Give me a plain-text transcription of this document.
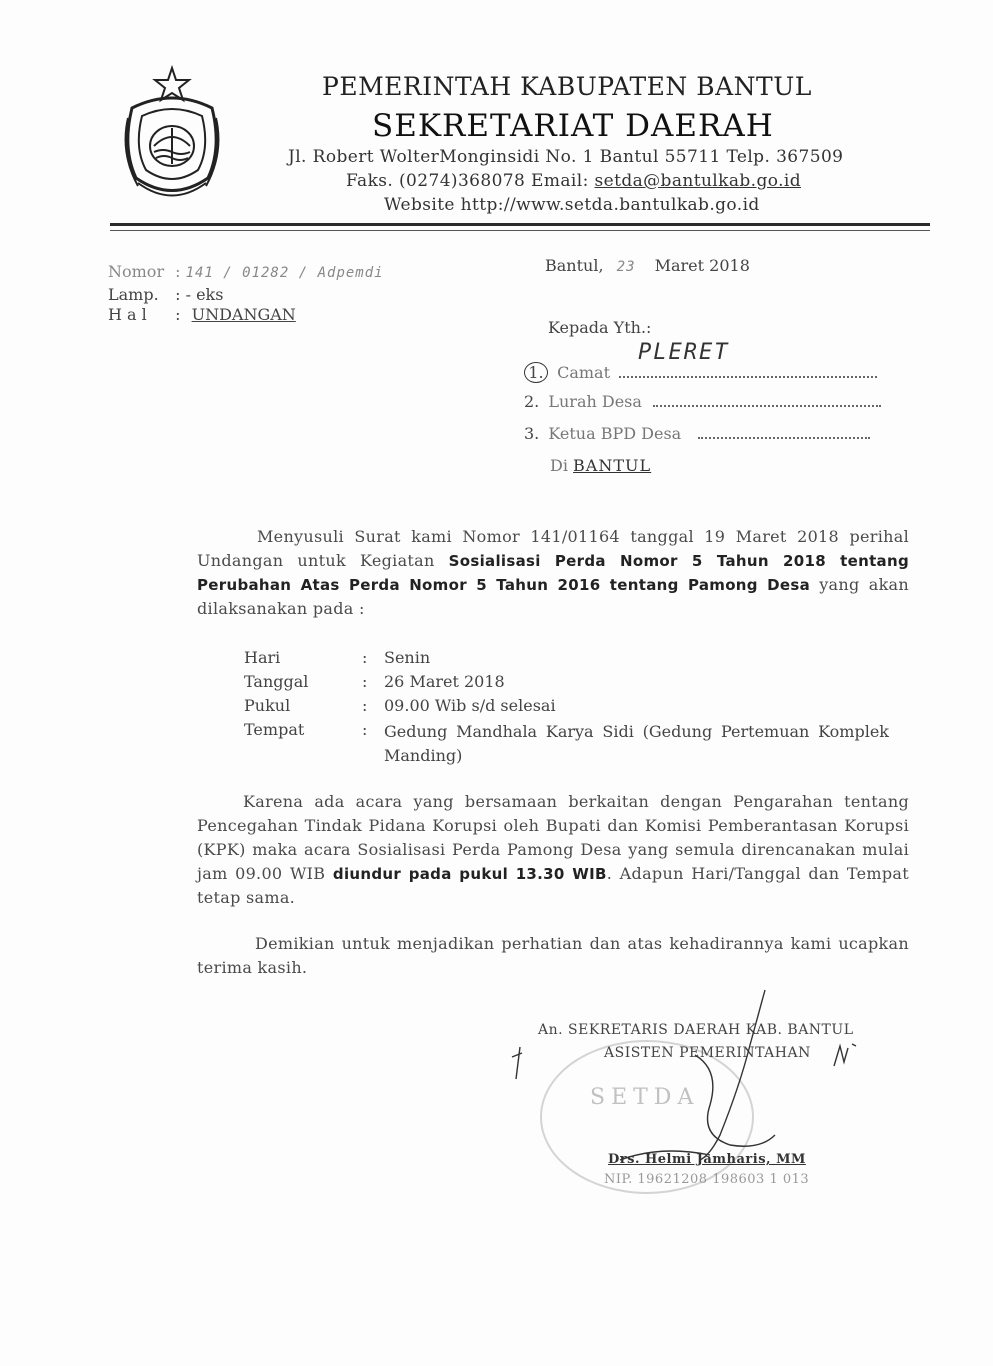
PEMERINTAH KABUPATEN BANTUL
SEKRETARIAT DAERAH
Jl. Robert WolterMonginsidi No. 1 Bantul 55711 Telp. 367509
Faks. (0274)368078 Email: setda@bantulkab.go.id
Website http://www.setda.bantulkab.go.id
Nomor : 141 / 01282 / Adpemdi
Lamp. : - eks
H a l : UNDANGAN
Bantul, 23 Maret 2018
Kepada Yth.:
1. Camat
PLERET
2. Lurah Desa
3. Ketua BPD Desa
Di BANTUL
Menyusuli Surat kami Nomor 141/01164 tanggal 19 Maret 2018 perihal Undangan untuk Kegiatan Sosialisasi Perda Nomor 5 Tahun 2018 tentang Perubahan Atas Perda Nomor 5 Tahun 2016 tentang Pamong Desa yang akan dilaksanakan pada :
Hari	: Senin
Tanggal	: 26 Maret 2018
Pukul	: 09.00 Wib s/d selesai
Tempat	: Gedung Mandhala Karya Sidi (Gedung Pertemuan Komplek Manding)
Karena ada acara yang bersamaan berkaitan dengan Pengarahan tentang Pencegahan Tindak Pidana Korupsi oleh Bupati dan Komisi Pemberantasan Korupsi (KPK) maka acara Sosialisasi Perda Pamong Desa yang semula direncanakan mulai jam 09.00 WIB diundur pada pukul 13.30 WIB. Adapun Hari/Tanggal dan Tempat tetap sama.
Demikian untuk menjadikan perhatian dan atas kehadirannya kami ucapkan terima kasih.
SETDA
An. SEKRETARIS DAERAH KAB. BANTUL
ASISTEN PEMERINTAHAN
Drs. Helmi Jamharis, MM
NIP. 19621208 198603 1 013
